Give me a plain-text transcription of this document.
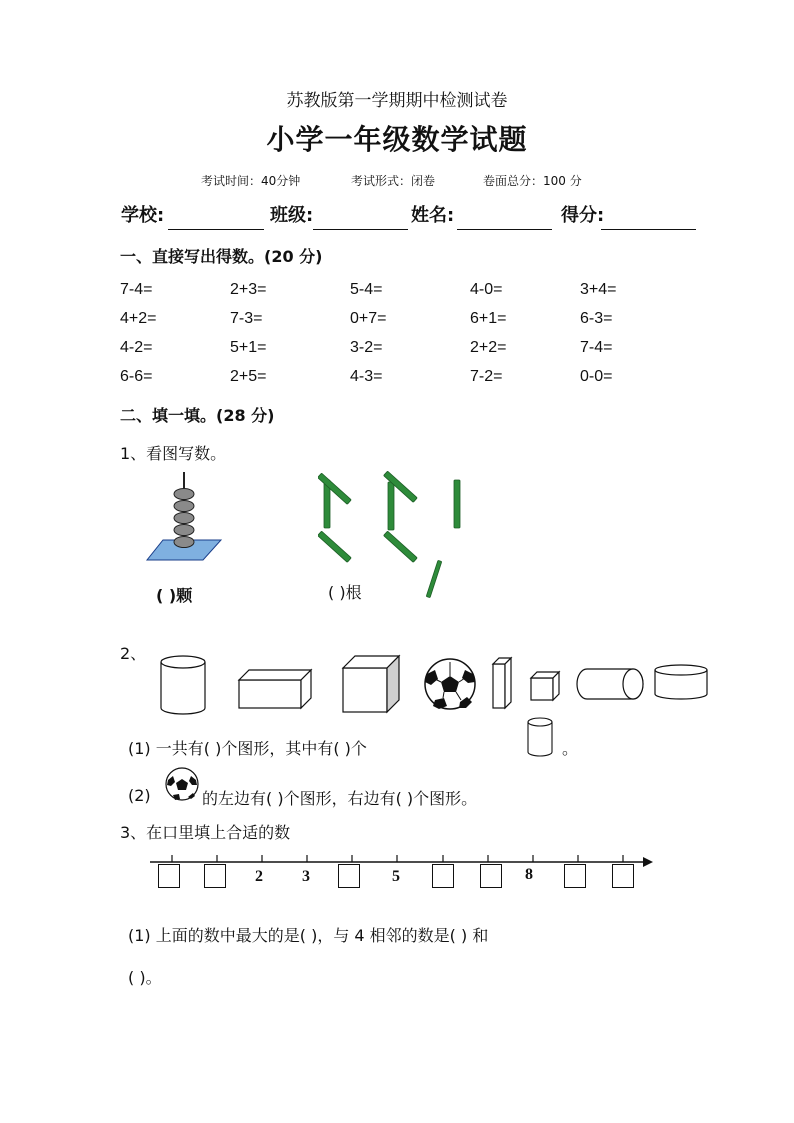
苏教版第一学期期中检测试卷
小学一年级数学试题
考试时间：40分钟	考试形式：闭卷	卷面总分：100 分
学校:	班级:	姓名:	得分:
一、直接写出得数。(20 分)
7-4=	2+3=	5-4=	4-0=	3+4=
4+2=	7-3=	0+7=	6+1=	6-3=
4-2=	5+1=	3-2=	2+2=	7-4=
6-6=	2+5=	4-3=	7-2=	0-0=
二、填一填。(28 分)
1、看图写数。
( )颗	( )根
2、
(1) 一共有( )个图形，其中有( )个	。
(2)	的左边有( )个图形，右边有( )个图形。
3、在口里填上合适的数
2 3	5	8
(1) 上面的数中最大的是( )，与 4 相邻的数是( ) 和
( )。
